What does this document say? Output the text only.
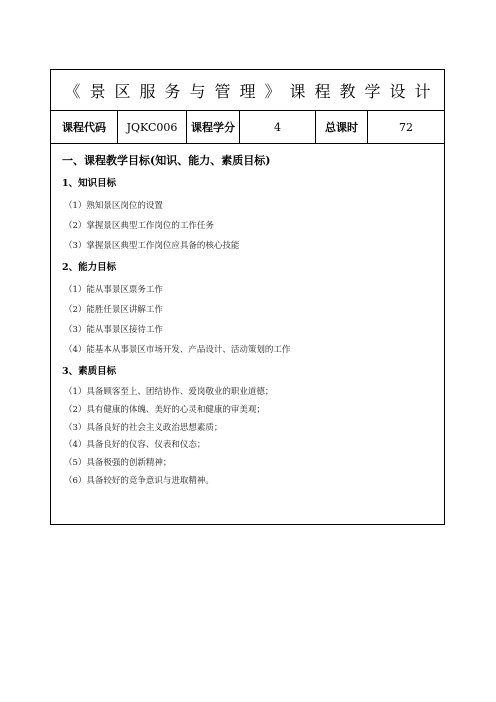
《景区服务与管理》课程教学设计
课程代码	JQKC006	课程学分	4	总课时	72
一、课程教学目标(知识、能力、素质目标)
1、知识目标
（1）熟知景区岗位的设置
（2）掌握景区典型工作岗位的工作任务
（3）掌握景区典型工作岗位应具备的核心技能
2、能力目标
（1）能从事景区票务工作
（2）能胜任景区讲解工作
（3）能从事景区接待工作
（4）能基本从事景区市场开发、产品设计、活动策划的工作
3、素质目标
（1）具备顾客至上、团结协作、爱岗敬业的职业道德；
（2）具有健康的体魄、美好的心灵和健康的审美观；
（3）具备良好的社会主义政治思想素质；
（4）具备良好的仪容、仪表和仪态；
（5）具备极强的创新精神；
（6）具备较好的竞争意识与进取精神。
